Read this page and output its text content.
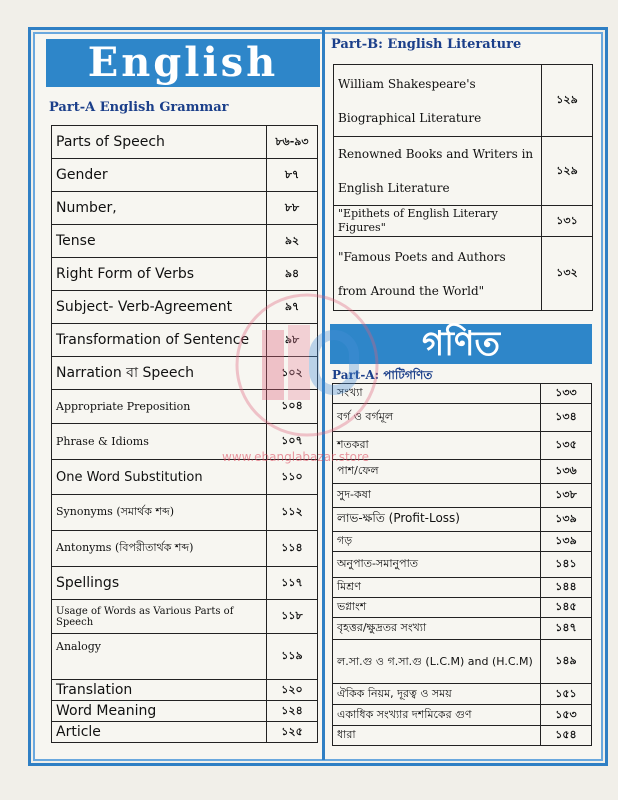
English
Part-A English Grammar
Parts of Speech	৮৬-৯৩
Gender	৮৭
Number,	৮৮
Tense	৯২
Right Form of Verbs	৯৪
Subject- Verb-Agreement	৯৭
Transformation of Sentence	৯৮
Narration বা Speech	১০২
Appropriate Preposition	১০৪
Phrase & Idioms	১০৭
One Word Substitution	১১০
Synonyms (সমার্থক শব্দ)	১১২
Antonyms (বিপরীতার্থক শব্দ)	১১৪
Spellings	১১৭
Usage of Words as Various Parts of Speech	১১৮
Analogy	১১৯
Translation	১২০
Word Meaning	১২৪
Article	১২৫
Part-B: English Literature
William Shakespeare's Biographical Literature	১২৯
Renowned Books and Writers in English Literature	১২৯
"Epithets of English Literary Figures"	১৩১
"Famous Poets and Authors from Around the World"	১৩২
গণিত
Part-A: পাটিগণিত
সংখ্যা	১৩৩
বর্গ ও বর্গমূল	১৩৪
শতকরা	১৩৫
পাশ/ফেল	১৩৬
সুদ-কষা	১৩৮
লাভ-ক্ষতি (Profit-Loss)	১৩৯
গড়	১৩৯
অনুপাত-সমানুপাত	১৪১
মিশ্রণ	১৪৪
ভগ্নাংশ	১৪৫
বৃহত্তর/ক্ষুদ্রতর সংখ্যা	১৪৭
ল.সা.গু ও গ.সা.গু (L.C.M) and (H.C.M)	১৪৯
ঐকিক নিয়ম, দূরত্ব ও সময়	১৫১
একাধিক সংখ্যার দশমিকের গুণ	১৫৩
ধারা	১৫৪
www.ebanglabazar.store
